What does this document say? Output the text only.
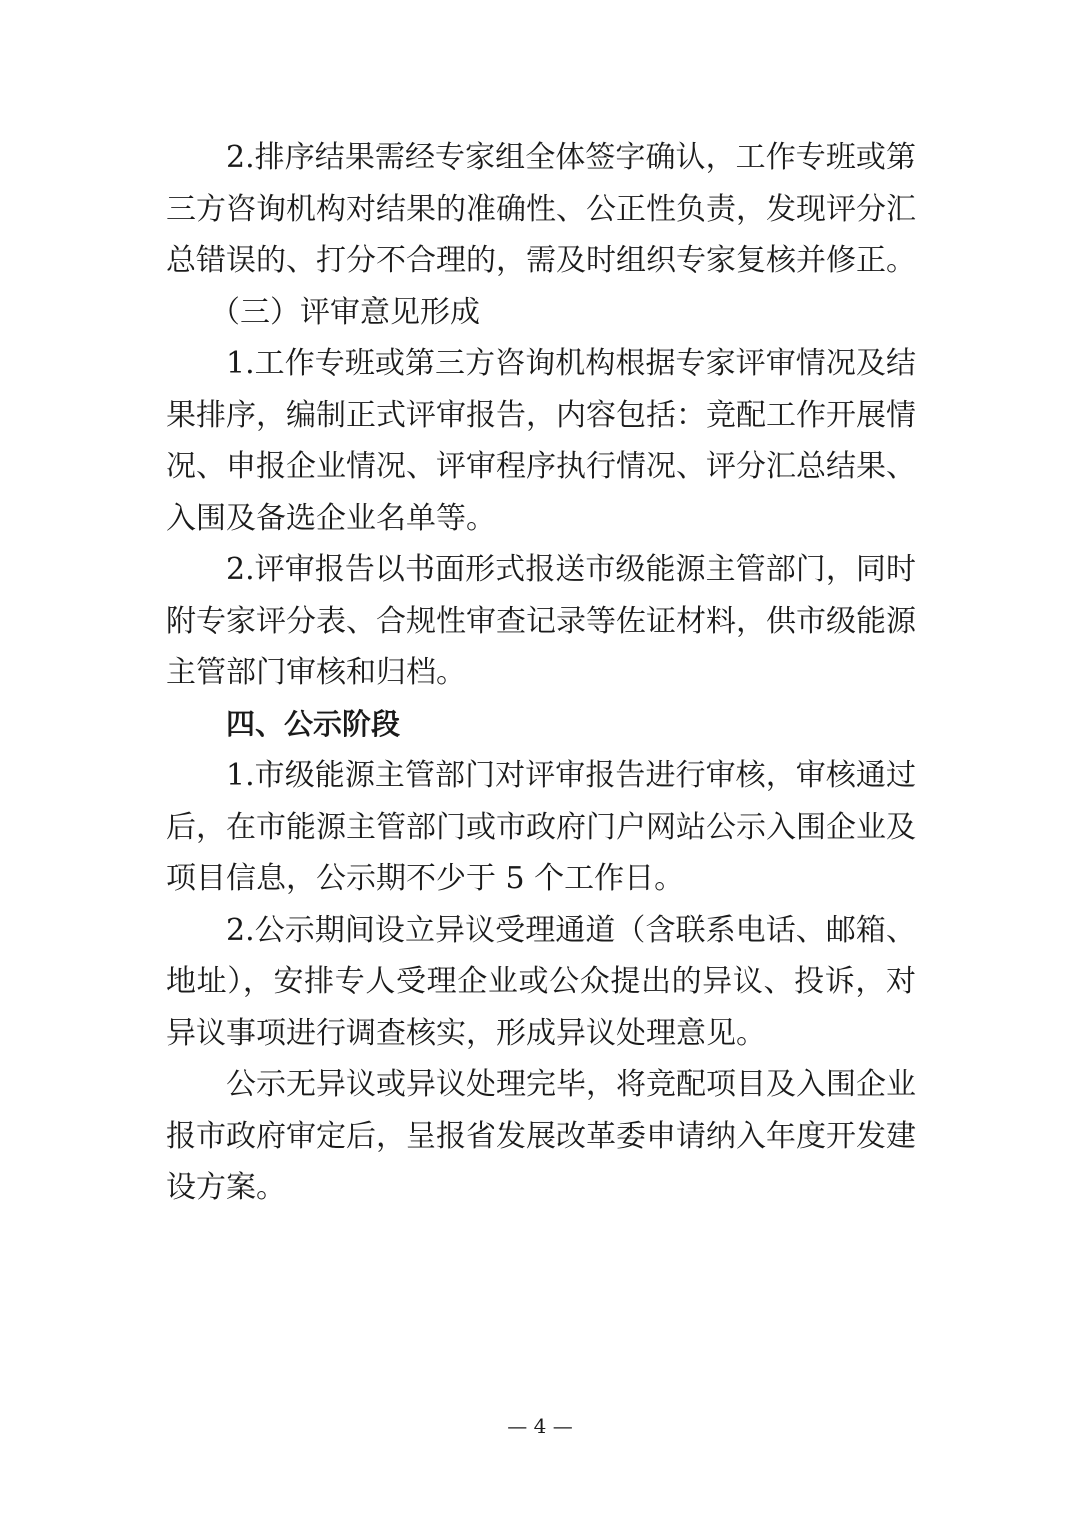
2.排序结果需经专家组全体签字确认，工作专班或第三方咨询机构对结果的准确性、公正性负责，发现评分汇总错误的、打分不合理的，需及时组织专家复核并修正。

（三）评审意见形成

1.工作专班或第三方咨询机构根据专家评审情况及结果排序，编制正式评审报告，内容包括：竞配工作开展情况、申报企业情况、评审程序执行情况、评分汇总结果、入围及备选企业名单等。

2.评审报告以书面形式报送市级能源主管部门，同时附专家评分表、合规性审查记录等佐证材料，供市级能源主管部门审核和归档。

四、公示阶段

1.市级能源主管部门对评审报告进行审核，审核通过后，在市能源主管部门或市政府门户网站公示入围企业及项目信息，公示期不少于 5 个工作日。

2.公示期间设立异议受理通道（含联系电话、邮箱、地址），安排专人受理企业或公众提出的异议、投诉，对异议事项进行调查核实，形成异议处理意见。

公示无异议或异议处理完毕，将竞配项目及入围企业报市政府审定后，呈报省发展改革委申请纳入年度开发建设方案。

— 4 —
